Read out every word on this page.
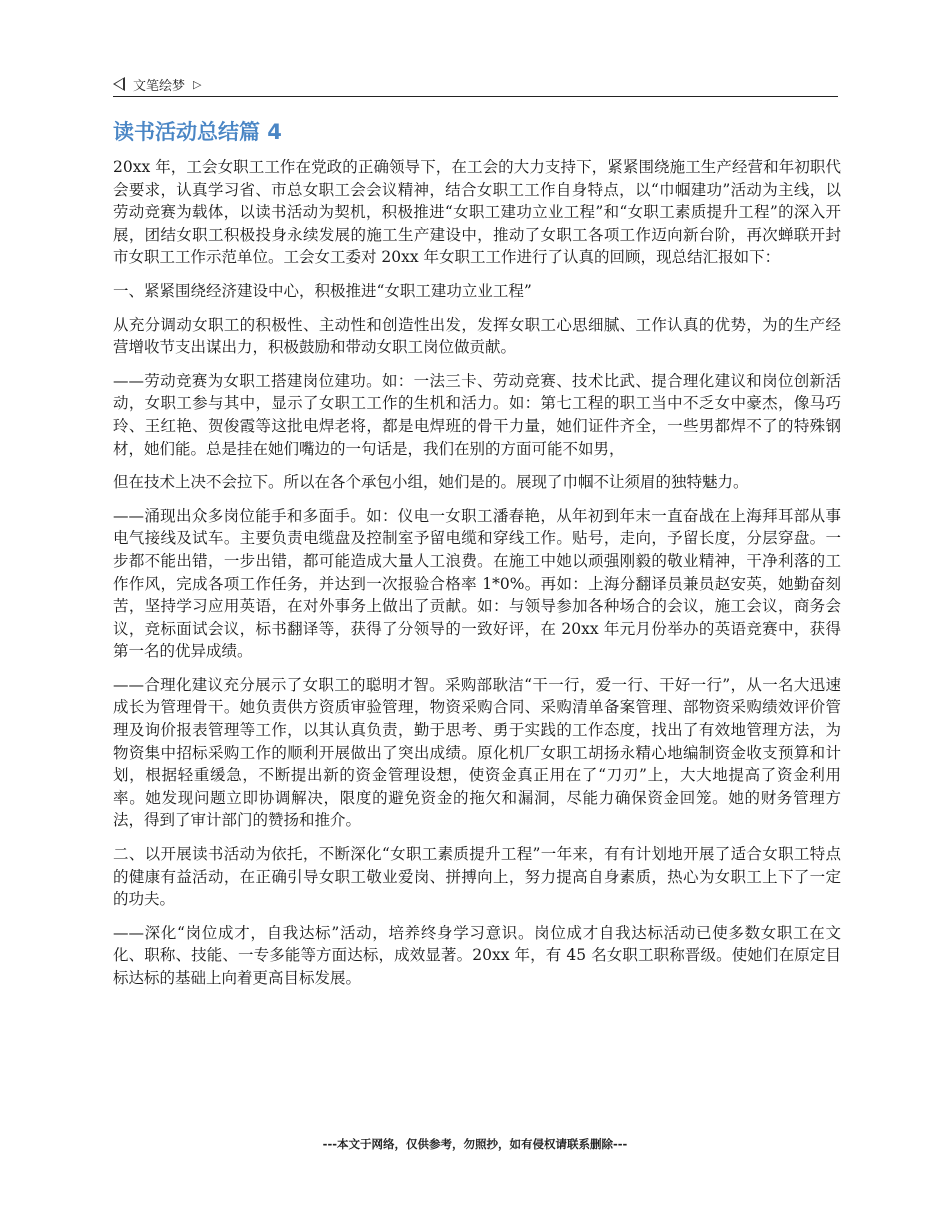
文笔绘梦 ▷
读书活动总结篇 4

20xx 年，工会女职工工作在党政的正确领导下，在工会的大力支持下，紧紧围绕施工生产经营和年初职代会要求，认真学习省、市总女职工会会议精神，结合女职工工作自身特点，以“巾帼建功”活动为主线，以劳动竞赛为载体，以读书活动为契机，积极推进“女职工建功立业工程”和“女职工素质提升工程”的深入开展，团结女职工积极投身永续发展的施工生产建设中，推动了女职工各项工作迈向新台阶，再次蝉联开封市女职工工作示范单位。工会女工委对 20xx 年女职工工作进行了认真的回顾，现总结汇报如下：

一、紧紧围绕经济建设中心，积极推进“女职工建功立业工程”

从充分调动女职工的积极性、主动性和创造性出发，发挥女职工心思细腻、工作认真的优势，为的生产经营增收节支出谋出力，积极鼓励和带动女职工岗位做贡献。

——劳动竞赛为女职工搭建岗位建功。如：一法三卡、劳动竞赛、技术比武、提合理化建议和岗位创新活动，女职工参与其中，显示了女职工工作的生机和活力。如：第七工程的职工当中不乏女中豪杰，像马巧玲、王红艳、贺俊霞等这批电焊老将，都是电焊班的骨干力量，她们证件齐全，一些男都焊不了的特殊钢材，她们能。总是挂在她们嘴边的一句话是，我们在别的方面可能不如男，

但在技术上决不会拉下。所以在各个承包小组，她们是的。展现了巾帼不让须眉的独特魅力。

——涌现出众多岗位能手和多面手。如：仪电一女职工潘春艳，从年初到年末一直奋战在上海拜耳部从事电气接线及试车。主要负责电缆盘及控制室予留电缆和穿线工作。贴号，走向，予留长度，分层穿盘。一步都不能出错，一步出错，都可能造成大量人工浪费。在施工中她以顽强刚毅的敬业精神，干净利落的工作作风，完成各项工作任务，并达到一次报验合格率 1*0%。再如：上海分翻译员兼员赵安英，她勤奋刻苦，坚持学习应用英语，在对外事务上做出了贡献。如：与领导参加各种场合的会议，施工会议，商务会议，竞标面试会议，标书翻译等，获得了分领导的一致好评，在 20xx 年元月份举办的英语竞赛中，获得第一名的优异成绩。

——合理化建议充分展示了女职工的聪明才智。采购部耿洁“干一行，爱一行、干好一行”，从一名大迅速成长为管理骨干。她负责供方资质审验管理，物资采购合同、采购清单备案管理、部物资采购绩效评价管理及询价报表管理等工作，以其认真负责，勤于思考、勇于实践的工作态度，找出了有效地管理方法，为物资集中招标采购工作的顺利开展做出了突出成绩。原化机厂女职工胡扬永精心地编制资金收支预算和计划，根据轻重缓急，不断提出新的资金管理设想，使资金真正用在了“刀刃”上，大大地提高了资金利用率。她发现问题立即协调解决，限度的避免资金的拖欠和漏洞，尽能力确保资金回笼。她的财务管理方法，得到了审计部门的赞扬和推介。

二、以开展读书活动为依托，不断深化“女职工素质提升工程”一年来，有有计划地开展了适合女职工特点的健康有益活动，在正确引导女职工敬业爱岗、拼搏向上，努力提高自身素质，热心为女职工上下了一定的功夫。

——深化“岗位成才，自我达标”活动，培养终身学习意识。岗位成才自我达标活动已使多数女职工在文化、职称、技能、一专多能等方面达标，成效显著。20xx 年，有 45 名女职工职称晋级。使她们在原定目标达标的基础上向着更高目标发展。

---本文于网络，仅供参考，勿照抄，如有侵权请联系删除---
